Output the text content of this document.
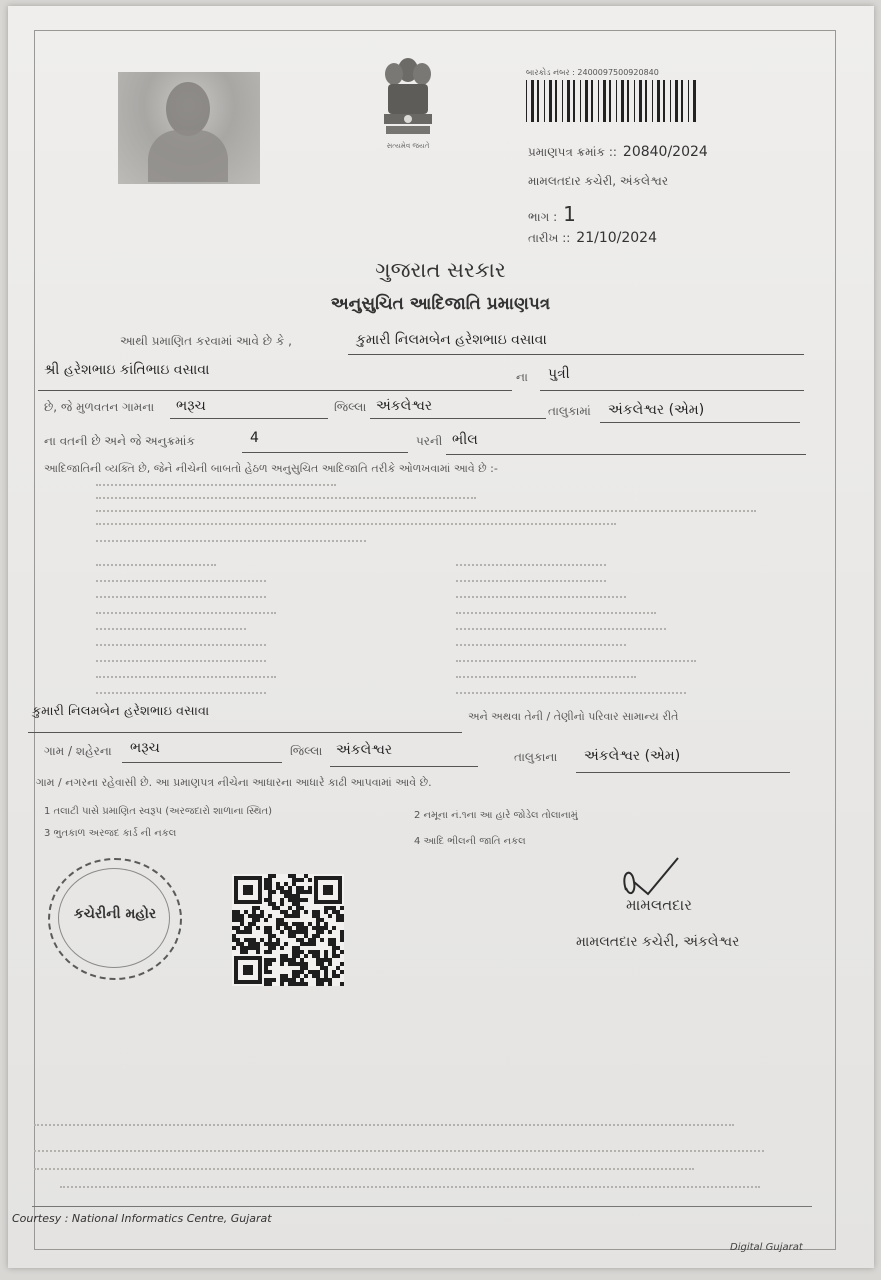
સત્યમેવ જયતે
બારકોડ નંબર : 2400097500920840
પ્રમાણપત્ર ક્રમાંક :: 20840/2024
મામલતદાર કચેરી, અંકલેશ્વર
ભાગ : 1
તારીખ :: 21/10/2024
ગુજરાત સરકાર
અનુસુચિત આદિજાતિ પ્રમાણપત્ર
આથી પ્રમાણિત કરવામાં આવે છે કે ,	કુમારી નિલમબેન હરેશભાઇ વસાવા
શ્રી હરેશભાઇ કાંતિભાઇ વસાવા	ના પુત્રી
છે, જે મુળવતન ગામના ભરૂચ	જિલ્લા અંકલેશ્વર	તાલુકામાં અંકલેશ્વર (એમ)
ના વતની છે અને જે અનુક્રમાંક	4	પરની ભીલ
આદિજાતિની વ્યક્તિ છે, જેને નીચેની બાબતો હેઠળ અનુસુચિત આદિજાતિ તરીકે ઓળખવામાં આવે છે :-
કુમારી નિલમબેન હરેશભાઇ વસાવા	અને અથવા તેની / તેણીનો પરિવાર સામાન્ય રીતે
ગામ / શહેરના ભરૂચ	જિલ્લા અંકલેશ્વર	તાલુકાના અંકલેશ્વર (એમ)
ગામ / નગરના રહેવાસી છે. આ પ્રમાણપત્ર નીચેના આધારના આધારે કાઢી આપવામાં આવે છે.
1 તલાટી પાસે પ્રમાણિત સ્વરૂપ (અરજદારો શાળાના સ્થિત)	2 નમૂના નં.૧ના આ હારે જોડેલ તોલાનામું
3 ભુતકાળ અરજદ કાર્ડ ની નકલ
4 આદિ ભીલની જાતિ નકલ
કચેરીની મહોર	મામલતદાર
મામલતદાર કચેરી, અંકલેશ્વર
Courtesy : National Informatics Centre, Gujarat
Digital Gujarat
